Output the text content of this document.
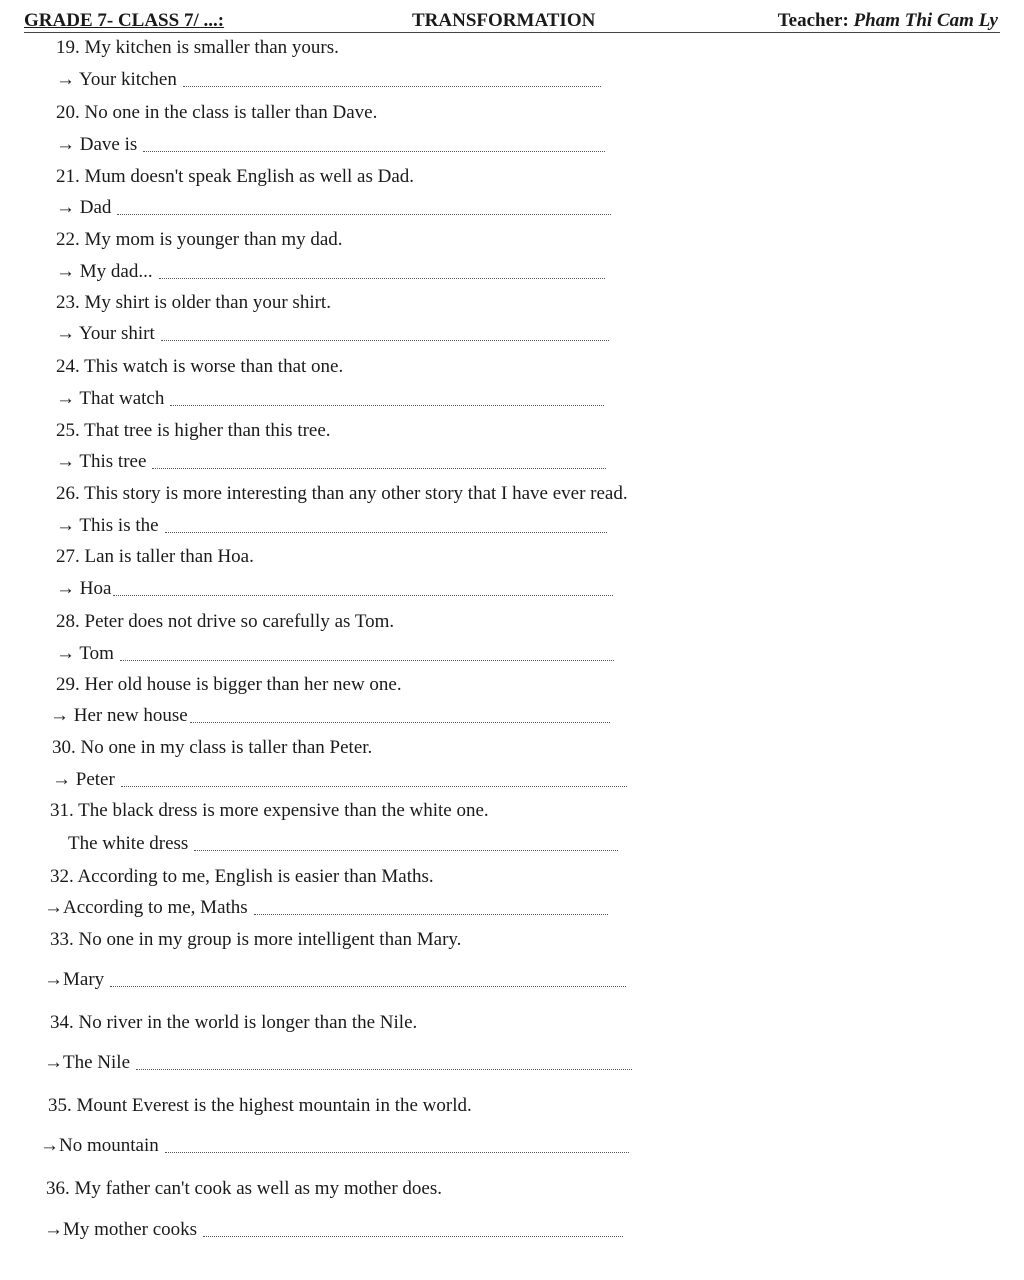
GRADE 7- CLASS 7/ ...:	TRANSFORMATION	Teacher: Pham Thi Cam Ly
19. My kitchen is smaller than yours.
→ Your kitchen
20. No one in the class is taller than Dave.
→ Dave is
21. Mum doesn't speak English as well as Dad.
→ Dad
22. My mom is younger than my dad.
→ My dad...
23. My shirt is older than your shirt.
→ Your shirt
24. This watch is worse than that one.
→ That watch
25. That tree is higher than this tree.
→ This tree
26. This story is more interesting than any other story that I have ever read.
→ This is the
27. Lan is taller than Hoa.
→ Hoa
28. Peter does not drive so carefully as Tom.
→ Tom
29. Her old house is bigger than her new one.
→ Her new house
30. No one in my class is taller than Peter.
→ Peter
31. The black dress is more expensive than the white one.
The white dress
32. According to me, English is easier than Maths.
→According to me, Maths
33. No one in my group is more intelligent than Mary.
→Mary
34. No river in the world is longer than the Nile.
→The Nile
35. Mount Everest is the highest mountain in the world.
→No mountain
36. My father can't cook as well as my mother does.
→My mother cooks
